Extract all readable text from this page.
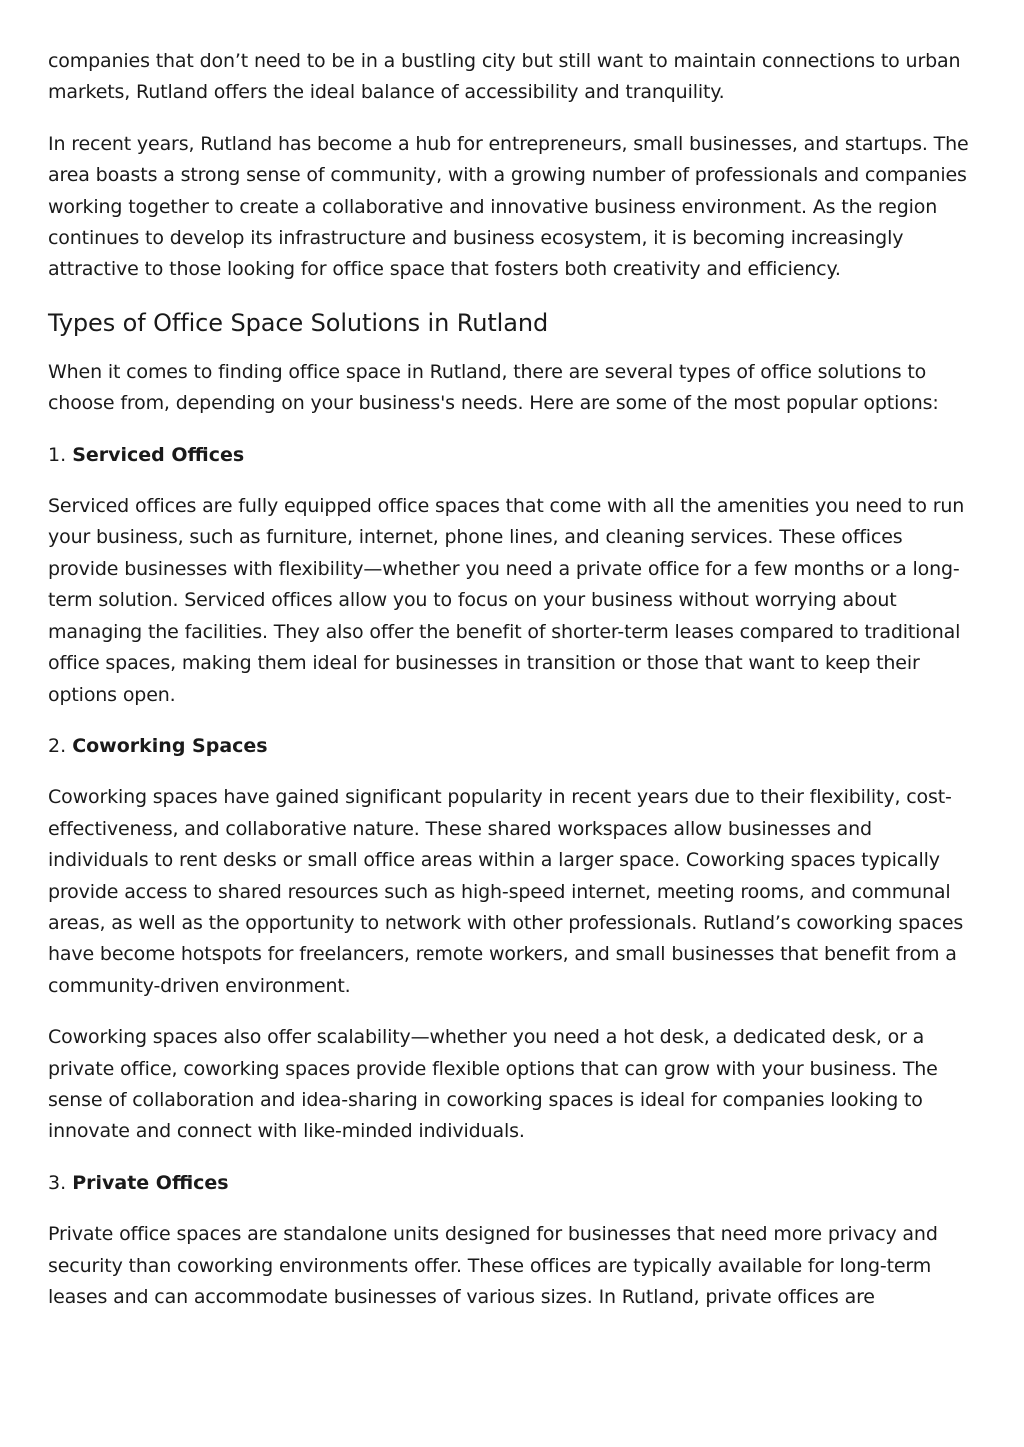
companies that don’t need to be in a bustling city but still want to maintain connections to urban markets, Rutland offers the ideal balance of accessibility and tranquility.

In recent years, Rutland has become a hub for entrepreneurs, small businesses, and startups. The area boasts a strong sense of community, with a growing number of professionals and companies working together to create a collaborative and innovative business environment. As the region continues to develop its infrastructure and business ecosystem, it is becoming increasingly attractive to those looking for office space that fosters both creativity and efficiency.

Types of Office Space Solutions in Rutland

When it comes to finding office space in Rutland, there are several types of office solutions to choose from, depending on your business's needs. Here are some of the most popular options:

1. Serviced Offices

Serviced offices are fully equipped office spaces that come with all the amenities you need to run your business, such as furniture, internet, phone lines, and cleaning services. These offices provide businesses with flexibility—whether you need a private office for a few months or a long-term solution. Serviced offices allow you to focus on your business without worrying about managing the facilities. They also offer the benefit of shorter-term leases compared to traditional office spaces, making them ideal for businesses in transition or those that want to keep their options open.

2. Coworking Spaces

Coworking spaces have gained significant popularity in recent years due to their flexibility, cost-effectiveness, and collaborative nature. These shared workspaces allow businesses and individuals to rent desks or small office areas within a larger space. Coworking spaces typically provide access to shared resources such as high-speed internet, meeting rooms, and communal areas, as well as the opportunity to network with other professionals. Rutland’s coworking spaces have become hotspots for freelancers, remote workers, and small businesses that benefit from a community-driven environment.

Coworking spaces also offer scalability—whether you need a hot desk, a dedicated desk, or a private office, coworking spaces provide flexible options that can grow with your business. The sense of collaboration and idea-sharing in coworking spaces is ideal for companies looking to innovate and connect with like-minded individuals.

3. Private Offices

Private office spaces are standalone units designed for businesses that need more privacy and security than coworking environments offer. These offices are typically available for long-term leases and can accommodate businesses of various sizes. In Rutland, private offices are
